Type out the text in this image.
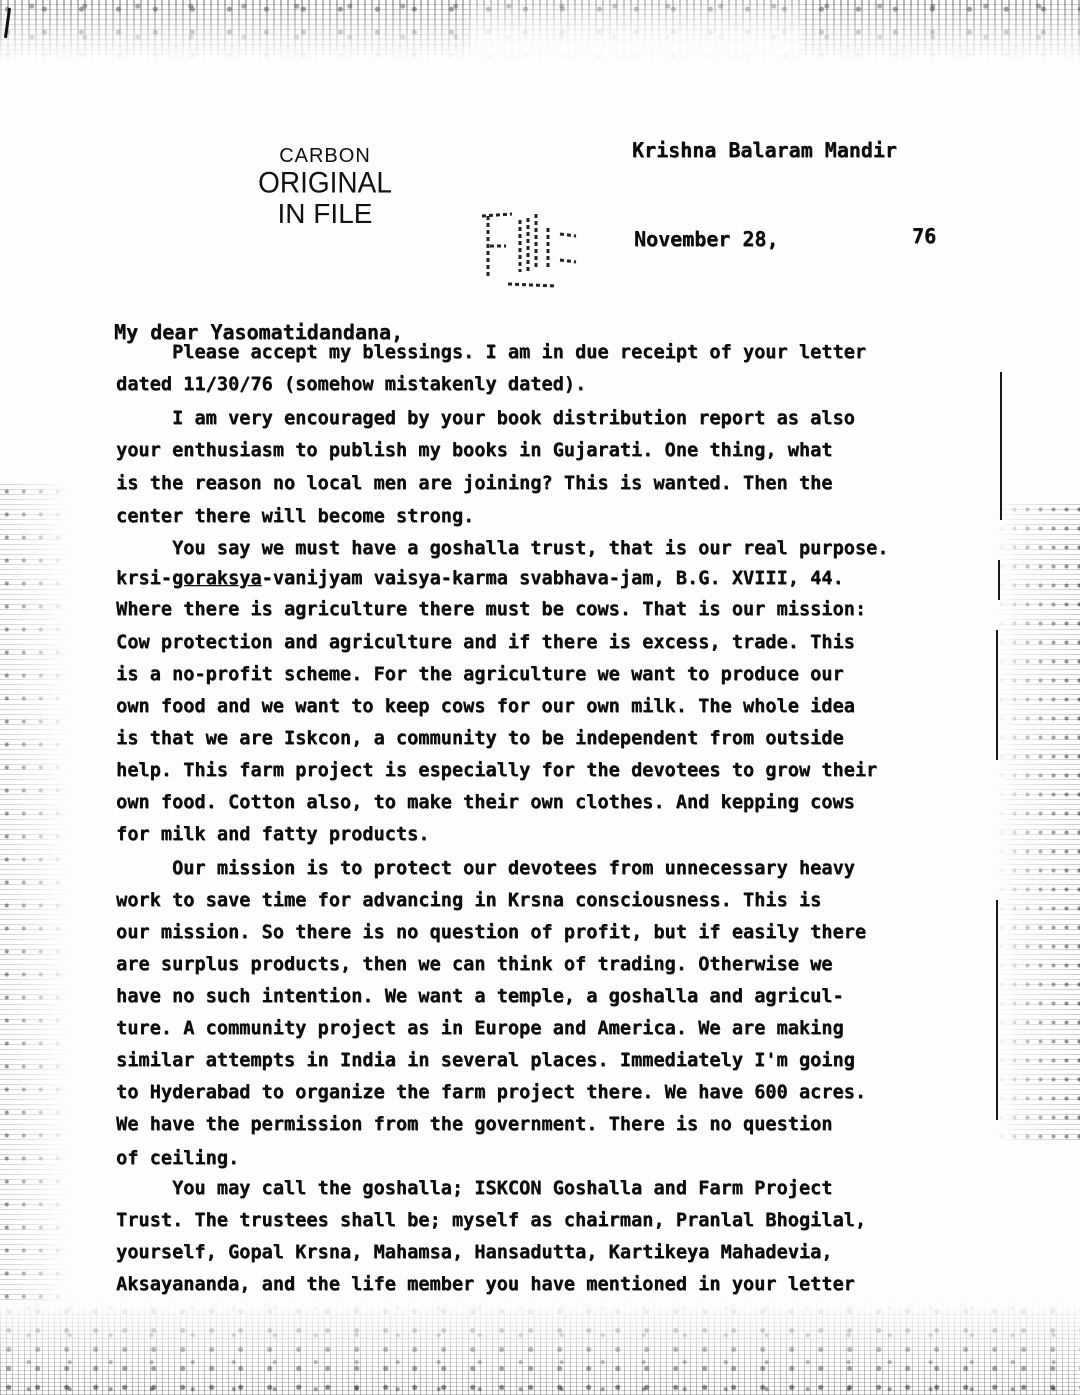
CARBON
ORIGINAL
IN FILE
Krishna Balaram Mandir
November 28,	76
My dear Yasomatidandana,
Please accept my blessings. I am in due receipt of your letter
dated 11/30/76 (somehow mistakenly dated).
I am very encouraged by your book distribution report as also
your enthusiasm to publish my books in Gujarati. One thing, what
is the reason no local men are joining? This is wanted. Then the
center there will become strong.
You say we must have a goshalla trust, that is our real purpose.
krsi-goraksya-vanijyam vaisya-karma svabhava-jam, B.G. XVIII, 44.
Where there is agriculture there must be cows. That is our mission:
Cow protection and agriculture and if there is excess, trade. This
is a no-profit scheme. For the agriculture we want to produce our
own food and we want to keep cows for our own milk. The whole idea
is that we are Iskcon, a community to be independent from outside
help. This farm project is especially for the devotees to grow their
own food. Cotton also, to make their own clothes. And kepping cows
for milk and fatty products.
Our mission is to protect our devotees from unnecessary heavy
work to save time for advancing in Krsna consciousness. This is
our mission. So there is no question of profit, but if easily there
are surplus products, then we can think of trading. Otherwise we
have no such intention. We want a temple, a goshalla and agricul-
ture. A community project as in Europe and America. We are making
similar attempts in India in several places. Immediately I'm going
to Hyderabad to organize the farm project there. We have 600 acres.
We have the permission from the government. There is no question
of ceiling.
You may call the goshalla; ISKCON Goshalla and Farm Project
Trust. The trustees shall be; myself as chairman, Pranlal Bhogilal,
yourself, Gopal Krsna, Mahamsa, Hansadutta, Kartikeya Mahadevia,
Aksayananda, and the life member you have mentioned in your letter
